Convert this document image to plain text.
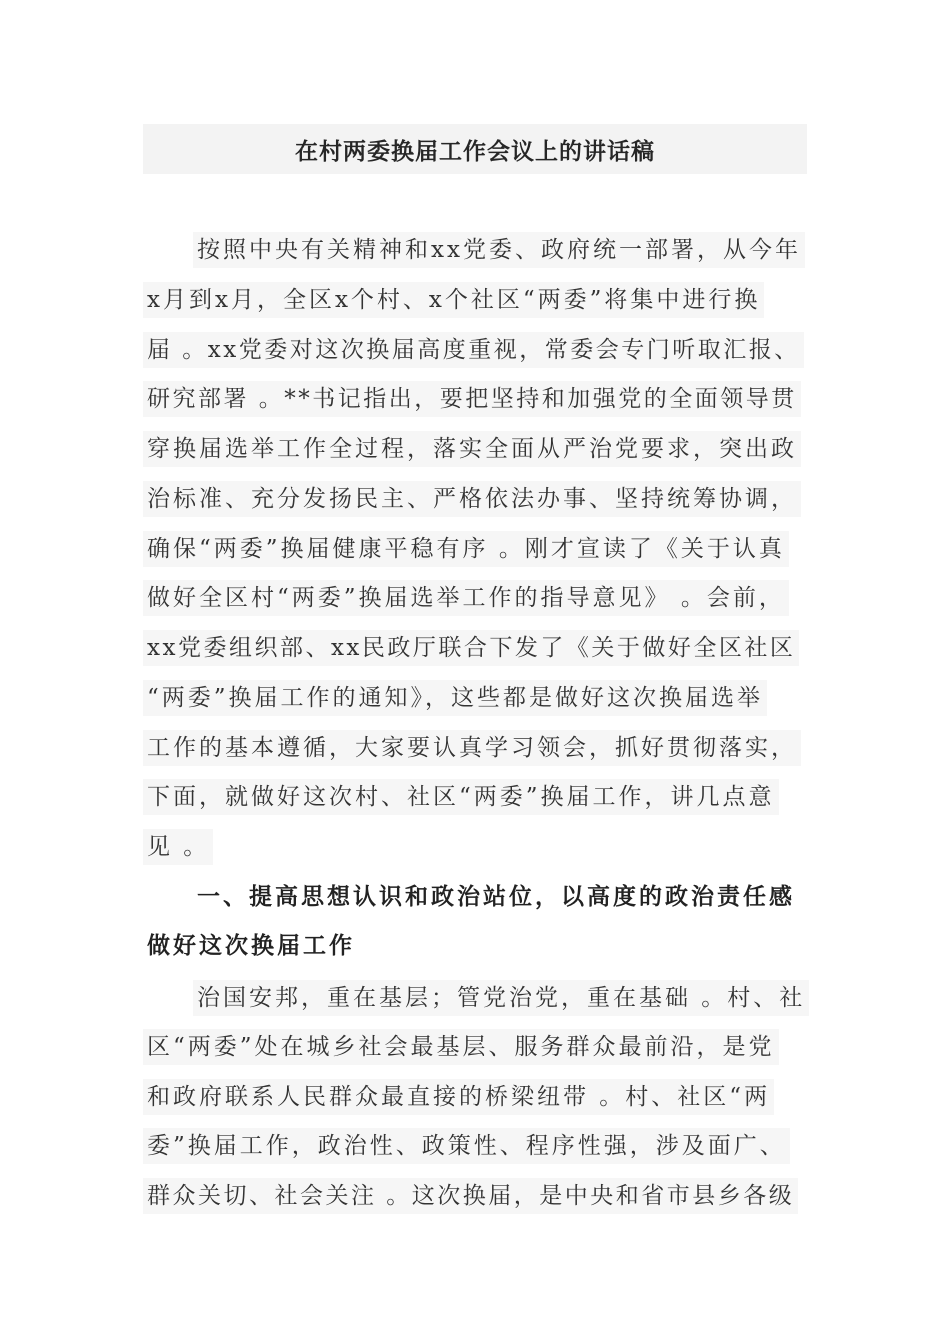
在村两委换届工作会议上的讲话稿
按照中央有关精神和xx党委、政府统一部署，从今年
x月到x月，全区x个村、x个社区“两委”将集中进行换
届 。xx党委对这次换届高度重视，常委会专门听取汇报、
研究部署 。**书记指出，要把坚持和加强党的全面领导贯
穿换届选举工作全过程，落实全面从严治党要求，突出政
治标准、充分发扬民主、严格依法办事、坚持统筹协调，
确保“两委”换届健康平稳有序 。刚才宣读了《关于认真
做好全区村“两委”换届选举工作的指导意见》 。会前，
xx党委组织部、xx民政厅联合下发了《关于做好全区社区
“两委”换届工作的通知》，这些都是做好这次换届选举
工作的基本遵循，大家要认真学习领会，抓好贯彻落实，
下面，就做好这次村、社区“两委”换届工作，讲几点意
见 。
一、提高思想认识和政治站位，以高度的政治责任感
做好这次换届工作
治国安邦，重在基层；管党治党，重在基础 。村、社
区“两委”处在城乡社会最基层、服务群众最前沿，是党
和政府联系人民群众最直接的桥梁纽带 。村、社区“两
委”换届工作，政治性、政策性、程序性强，涉及面广、
群众关切、社会关注 。这次换届，是中央和省市县乡各级
